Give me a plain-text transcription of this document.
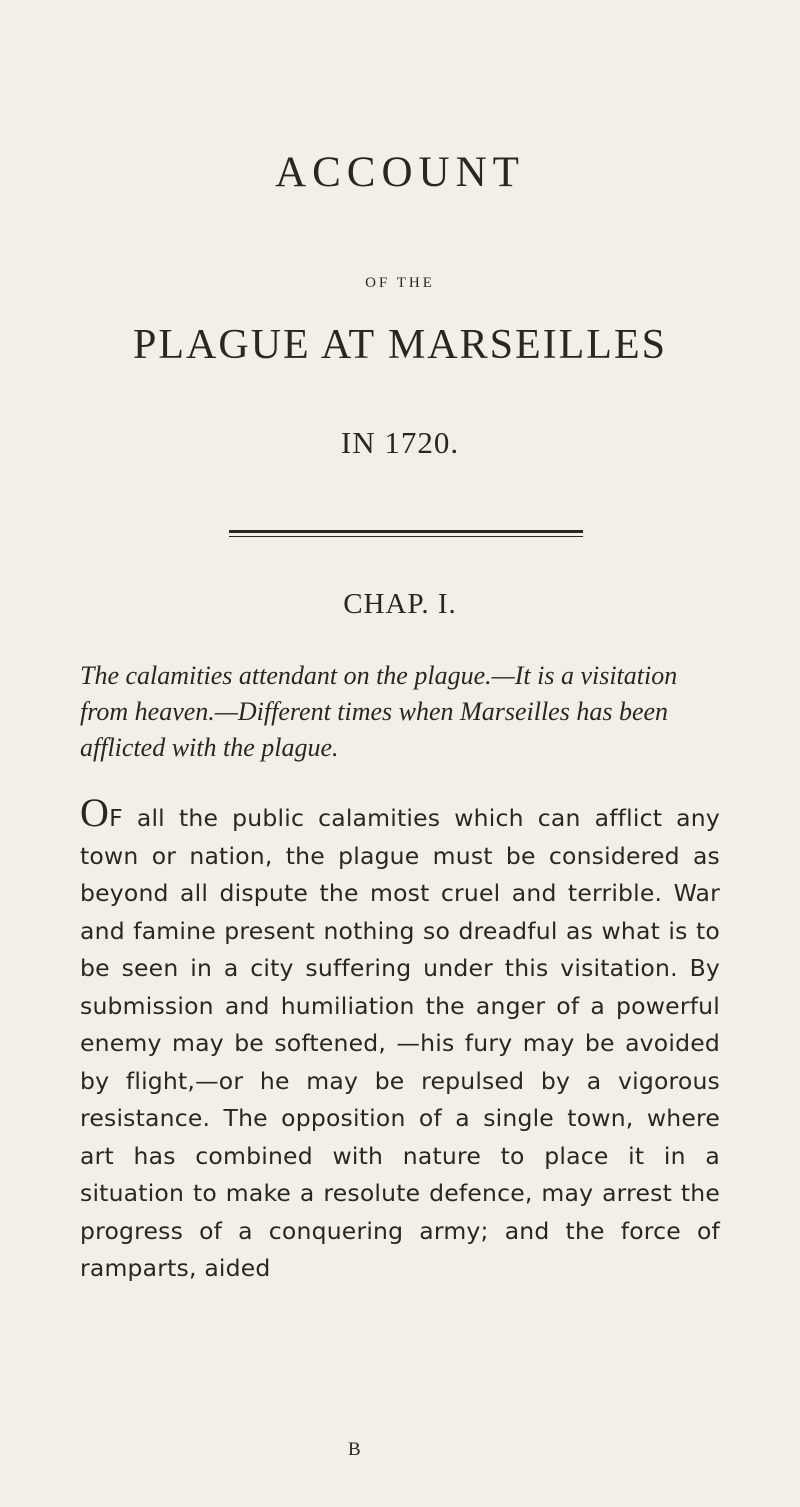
ACCOUNT
OF THE
PLAGUE AT MARSEILLES
IN 1720.
CHAP. I.
The calamities attendant on the plague.—It is a visitation from heaven.—Different times when Marseilles has been afflicted with the plague.
OF all the public calamities which can afflict any town or nation, the plague must be considered as beyond all dispute the most cruel and terrible. War and famine present nothing so dreadful as what is to be seen in a city suffering under this visitation. By submission and humiliation the anger of a powerful enemy may be softened, —his fury may be avoided by flight,—or he may be repulsed by a vigorous resistance. The opposition of a single town, where art has combined with nature to place it in a situation to make a resolute defence, may arrest the progress of a conquering army; and the force of ramparts, aided
B
